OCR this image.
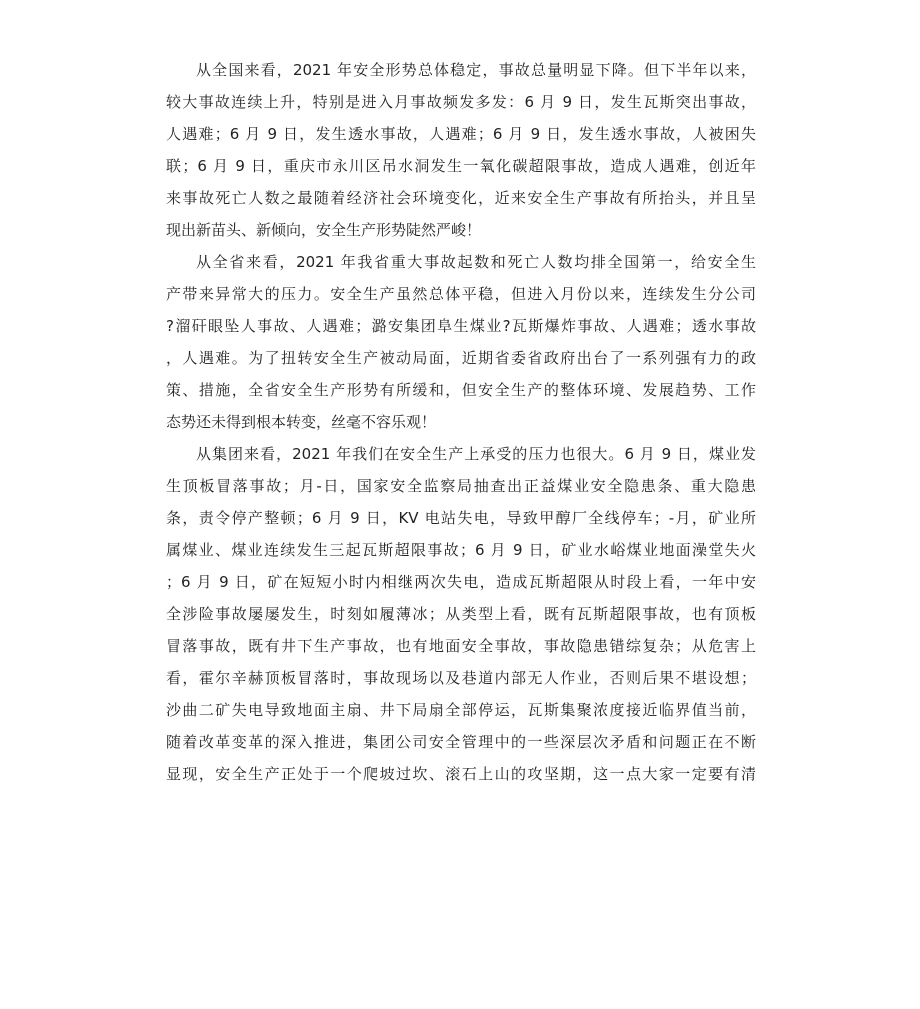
从全国来看，2021 年安全形势总体稳定，事故总量明显下降。但下半年以来，
较大事故连续上升，特别是进入月事故频发多发：6 月 9 日，发生瓦斯突出事故，
人遇难；6 月 9 日，发生透水事故，人遇难；6 月 9 日，发生透水事故，人被困失
联；6 月 9 日，重庆市永川区吊水洞发生一氧化碳超限事故，造成人遇难，创近年
来事故死亡人数之最随着经济社会环境变化，近来安全生产事故有所抬头，并且呈
现出新苗头、新倾向，安全生产形势陡然严峻！
从全省来看，2021 年我省重大事故起数和死亡人数均排全国第一，给安全生
产带来异常大的压力。安全生产虽然总体平稳，但进入月份以来，连续发生分公司
?溜矸眼坠人事故、人遇难；潞安集团阜生煤业?瓦斯爆炸事故、人遇难；透水事故
，人遇难。为了扭转安全生产被动局面，近期省委省政府出台了一系列强有力的政
策、措施，全省安全生产形势有所缓和，但安全生产的整体环境、发展趋势、工作
态势还未得到根本转变，丝毫不容乐观！
从集团来看，2021 年我们在安全生产上承受的压力也很大。6 月 9 日，煤业发
生顶板冒落事故；月-日，国家安全监察局抽查出正益煤业安全隐患条、重大隐患
条，责令停产整顿；6 月 9 日，KV 电站失电，导致甲醇厂全线停车；-月，矿业所
属煤业、煤业连续发生三起瓦斯超限事故；6 月 9 日，矿业水峪煤业地面澡堂失火
；6 月 9 日，矿在短短小时内相继两次失电，造成瓦斯超限从时段上看，一年中安
全涉险事故屡屡发生，时刻如履薄冰；从类型上看，既有瓦斯超限事故，也有顶板
冒落事故，既有井下生产事故，也有地面安全事故，事故隐患错综复杂；从危害上
看，霍尔辛赫顶板冒落时，事故现场以及巷道内部无人作业，否则后果不堪设想；
沙曲二矿失电导致地面主扇、井下局扇全部停运，瓦斯集聚浓度接近临界值当前，
随着改革变革的深入推进，集团公司安全管理中的一些深层次矛盾和问题正在不断
显现，安全生产正处于一个爬坡过坎、滚石上山的攻坚期，这一点大家一定要有清
